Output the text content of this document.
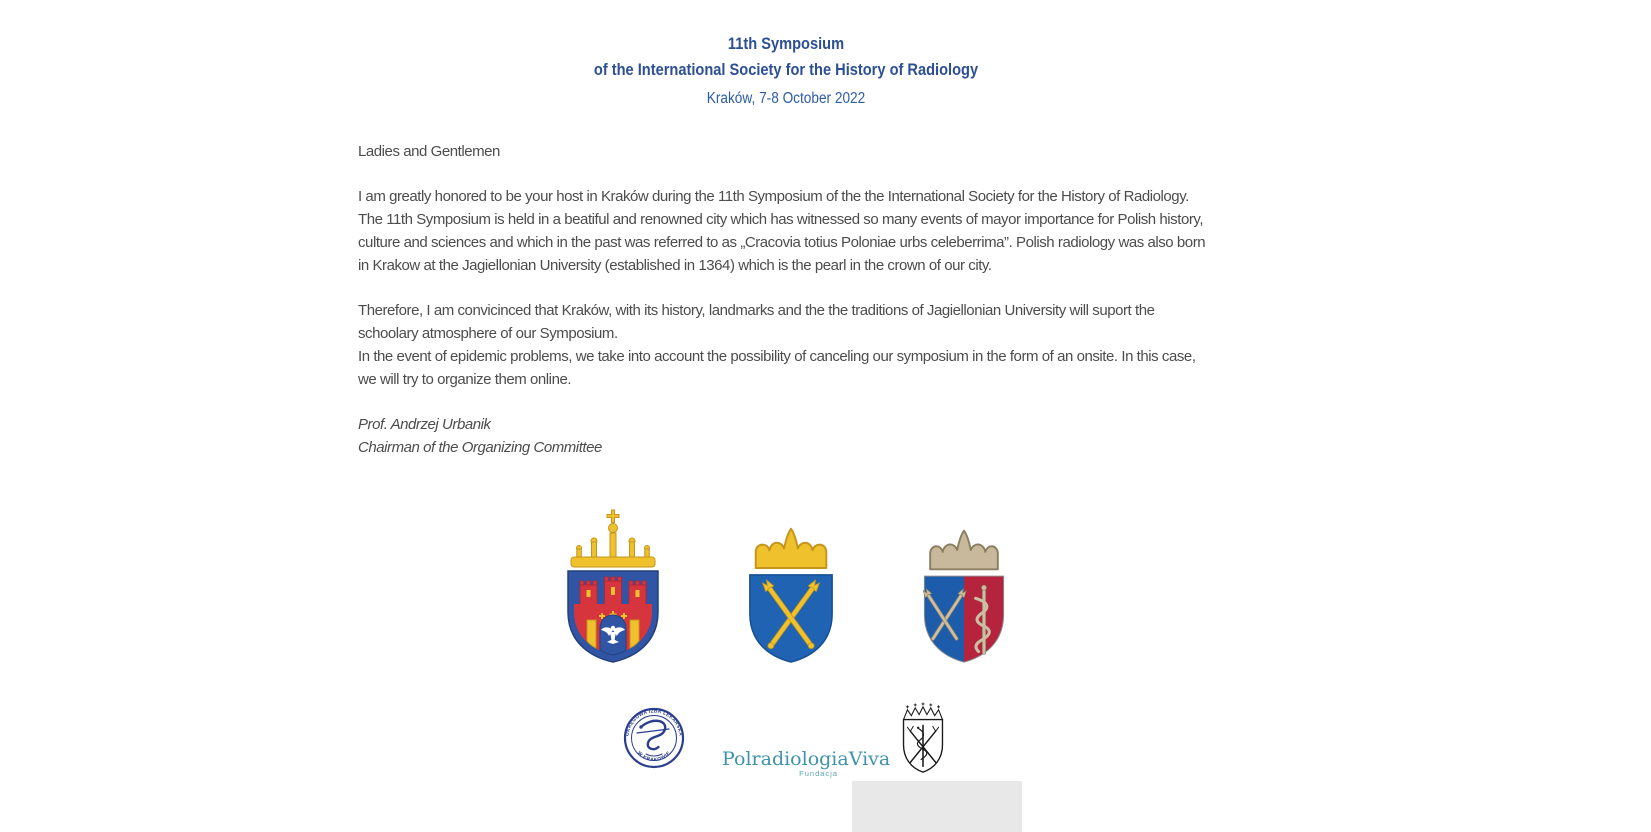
11th Symposium
of the International Society for the History of Radiology
Kraków, 7-8 October 2022

Ladies and Gentlemen

I am greatly honored to be your host in Kraków during the 11th Symposium of the the International Society for the History of Radiology. The 11th Symposium is held in a beatiful and renowned city which has witnessed so many events of mayor importance for Polish history, culture and sciences and which in the past was referred to as „Cracovia totius Poloniae urbs celeberrima”. Polish radiology was also born in Krakow at the Jagiellonian University (established in 1364) which is the pearl in the crown of our city.

Therefore, I am convicinced that Kraków, with its history, landmarks and the the traditions of Jagiellonian University will suport the schoolary atmosphere of our Symposium.
In the event of epidemic problems, we take into account the possibility of canceling our symposium in the form of an onsite. In this case, we will try to organize them online.

Prof. Andrzej Urbanik
Chairman of the Organizing Committee
OKRĘGOWA IZBA LEKARSKA
W KRAKOWIE	PolradiologiaViva
Fundacja
